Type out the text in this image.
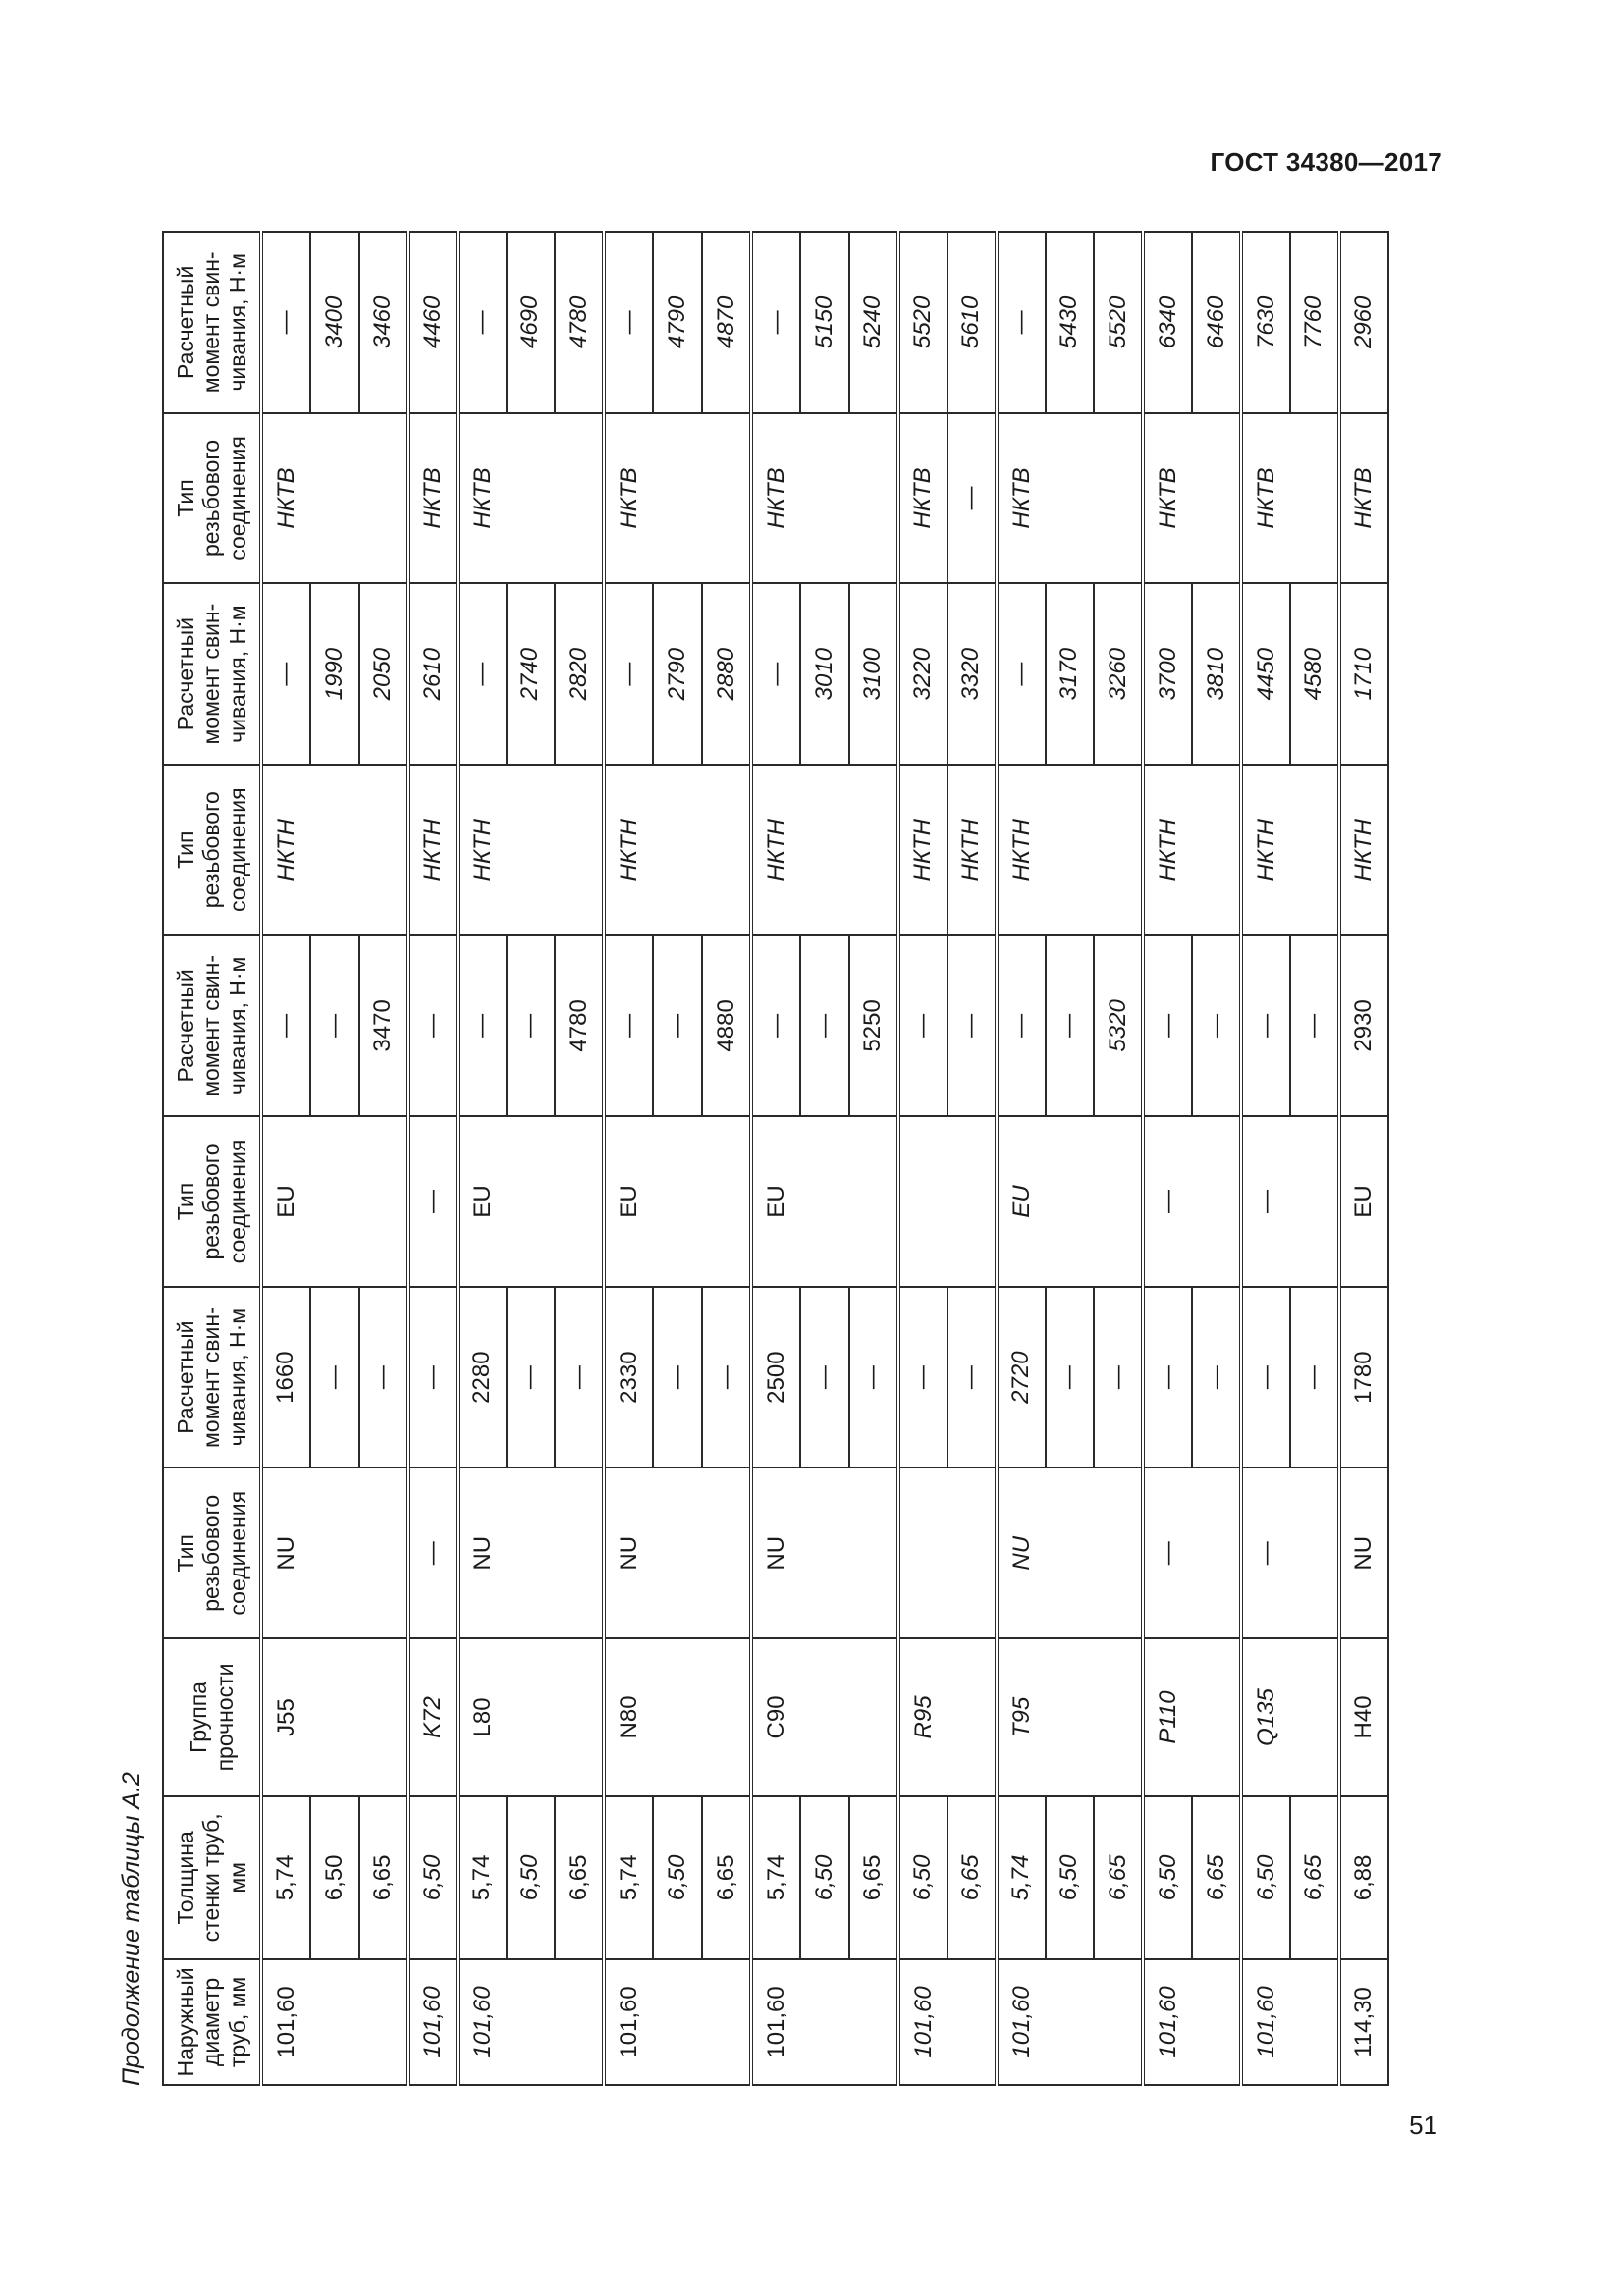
ГОСТ 34380—2017
51
Продолжение таблицы А.2 Наружный диаметр труб, мм	Толщина стенки труб, мм	Группа прочности	Тип резьбового соединения	Расчетный момент свин-чивания, Н·м	Тип резьбового соединения	Расчетный момент свин-чивания, Н·м	Тип резьбового соединения	Расчетный момент свин-чивания, Н·м	Тип резьбового соединения	Расчетный момент свин-чивания, Н·м
101,60	5,74	J55	NU	1660	EU	—	НКТН	—	НКТВ	—
	6,50			—		—		1990		3400
	6,65			—		3470		2050		3460
101,60	6,50	K72	—	—	—	—	НКТН	2610	НКТВ	4460
101,60	5,74	L80	NU	2280	EU	—	НКТН	—	НКТВ	—
	6,50			—		—		2740		4690
	6,65			—		4780		2820		4780
101,60	5,74	N80	NU	2330	EU	—	НКТН	—	НКТВ	—
	6,50			—		—		2790		4790
	6,65			—		4880		2880		4870
101,60	5,74	C90	NU	2500	EU	—	НКТН	—	НКТВ	—
	6,50			—		—		3010		5150
	6,65			—		5250		3100		5240
101,60	6,50	R95		—		—	НКТН	3220	НКТВ	5520
	6,65			—		—	НКТН	3320	—	5610
101,60	5,74	T95	NU	2720	EU	—	НКТН	—	НКТВ	—
	6,50			—		—		3170		5430
	6,65			—		5320		3260		5520
101,60	6,50	P110	—	—	—	—	НКТН	3700	НКТВ	6340
	6,65			—		—		3810		6460
101,60	6,50	Q135	—	—	—	—	НКТН	4450	НКТВ	7630
	6,65			—		—		4580		7760
114,30	6,88	H40	NU	1780	EU	2930	НКТН	1710	НКТВ	2960
